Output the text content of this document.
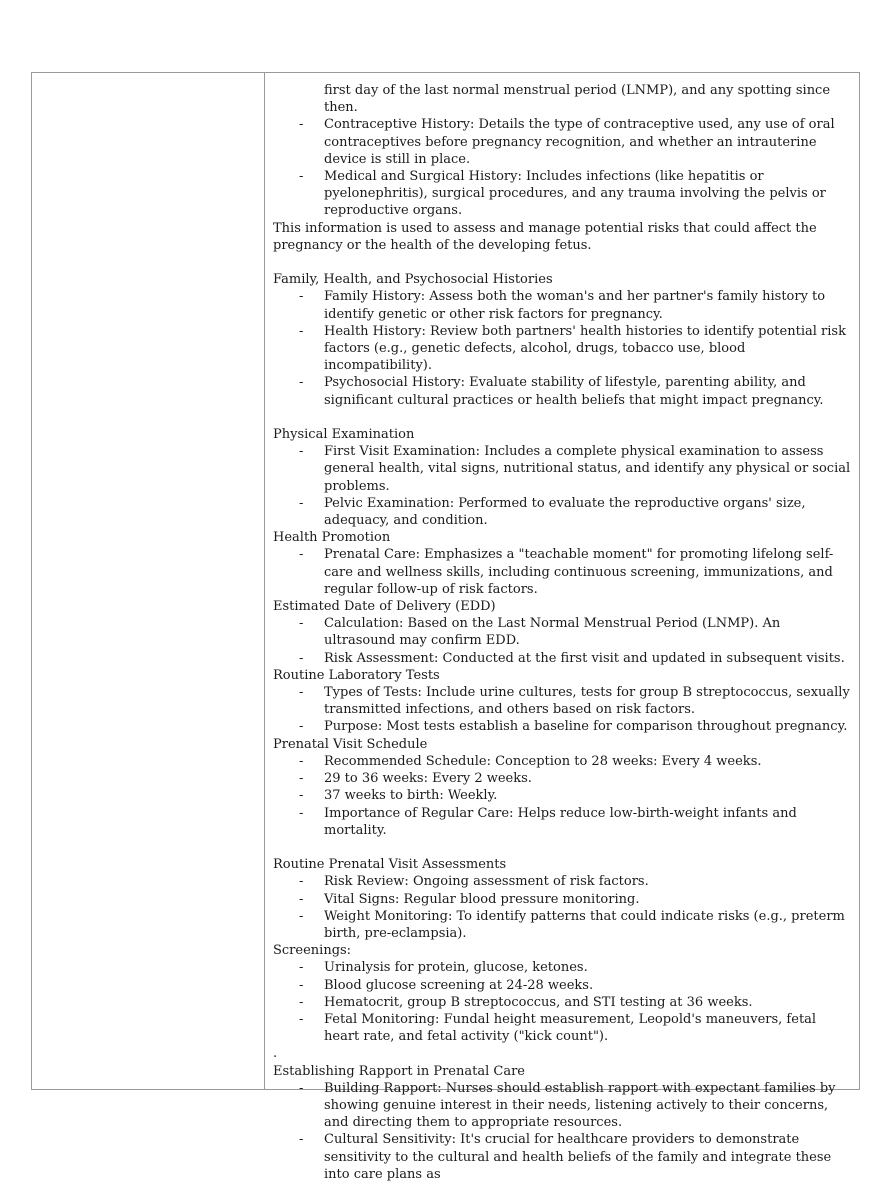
first day of the last normal menstrual period (LNMP), and any spotting since then.
- Contraceptive History: Details the type of contraceptive used, any use of oral contraceptives before pregnancy recognition, and whether an intrauterine device is still in place.
- Medical and Surgical History: Includes infections (like hepatitis or pyelonephritis), surgical procedures, and any trauma involving the pelvis or reproductive organs.

This information is used to assess and manage potential risks that could affect the pregnancy or the health of the developing fetus.

Family, Health, and Psychosocial Histories

- Family History: Assess both the woman's and her partner's family history to identify genetic or other risk factors for pregnancy.
- Health History: Review both partners' health histories to identify potential risk factors (e.g., genetic defects, alcohol, drugs, tobacco use, blood incompatibility).
- Psychosocial History: Evaluate stability of lifestyle, parenting ability, and significant cultural practices or health beliefs that might impact pregnancy.

Physical Examination

- First Visit Examination: Includes a complete physical examination to assess general health, vital signs, nutritional status, and identify any physical or social problems.
- Pelvic Examination: Performed to evaluate the reproductive organs' size, adequacy, and condition.

Health Promotion

- Prenatal Care: Emphasizes a "teachable moment" for promoting lifelong self-care and wellness skills, including continuous screening, immunizations, and regular follow-up of risk factors.

Estimated Date of Delivery (EDD)

- Calculation: Based on the Last Normal Menstrual Period (LNMP). An ultrasound may confirm EDD.
- Risk Assessment: Conducted at the first visit and updated in subsequent visits.

Routine Laboratory Tests

- Types of Tests: Include urine cultures, tests for group B streptococcus, sexually transmitted infections, and others based on risk factors.
- Purpose: Most tests establish a baseline for comparison throughout pregnancy.

Prenatal Visit Schedule

- Recommended Schedule: Conception to 28 weeks: Every 4 weeks.
- 29 to 36 weeks: Every 2 weeks.
- 37 weeks to birth: Weekly.
- Importance of Regular Care: Helps reduce low-birth-weight infants and mortality.

Routine Prenatal Visit Assessments

- Risk Review: Ongoing assessment of risk factors.
- Vital Signs: Regular blood pressure monitoring.
- Weight Monitoring: To identify patterns that could indicate risks (e.g., preterm birth, pre-eclampsia).

Screenings:

- Urinalysis for protein, glucose, ketones.
- Blood glucose screening at 24-28 weeks.
- Hematocrit, group B streptococcus, and STI testing at 36 weeks.
- Fetal Monitoring: Fundal height measurement, Leopold's maneuvers, fetal heart rate, and fetal activity ("kick count").

.

Establishing Rapport in Prenatal Care

- Building Rapport: Nurses should establish rapport with expectant families by showing genuine interest in their needs, listening actively to their concerns, and directing them to appropriate resources.
- Cultural Sensitivity: It's crucial for healthcare providers to demonstrate sensitivity to the cultural and health beliefs of the family and integrate these into care plans as
